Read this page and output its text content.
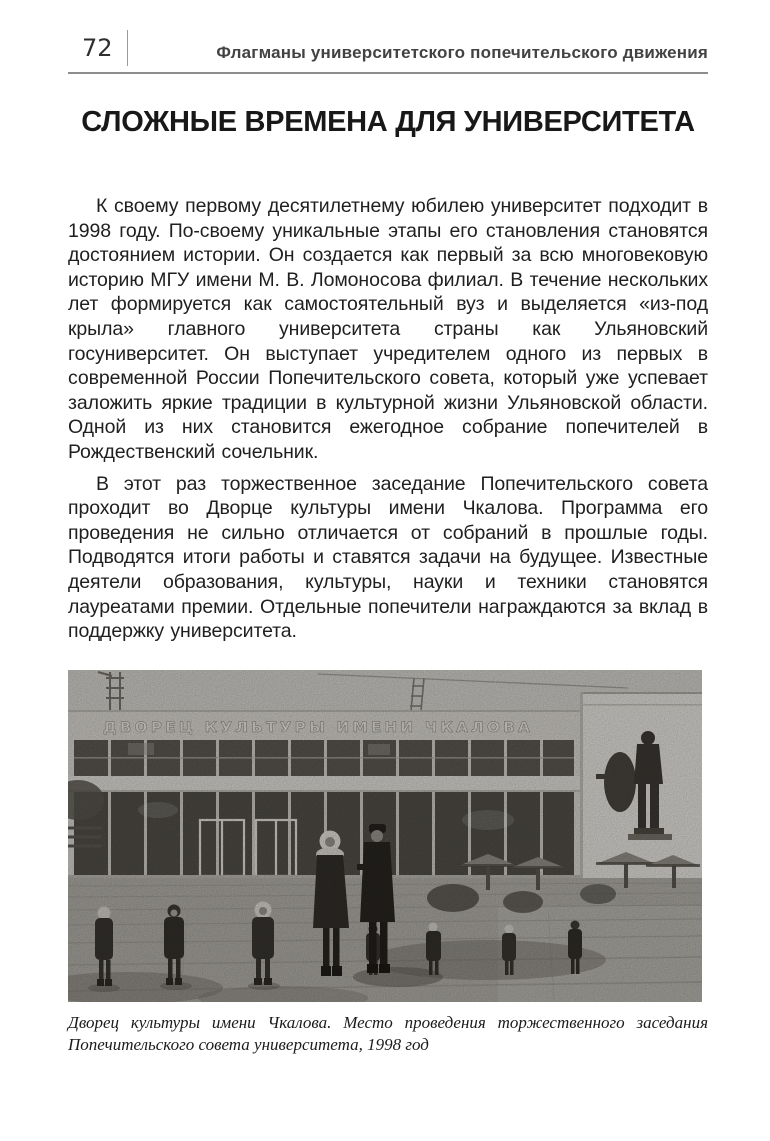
72	Флагманы университетского попечительского движения
СЛОЖНЫЕ ВРЕМЕНА ДЛЯ УНИВЕРСИТЕТА

К своему первому десятилетнему юбилею университет подходит в 1998 году. По-своему уникальные этапы его становления становятся достоянием истории. Он создается как первый за всю многовековую историю МГУ имени М. В. Ломоносова филиал. В течение нескольких лет формируется как самостоятельный вуз и выделяется «из-под крыла» главного университета страны как Ульяновский госуниверситет. Он выступает учредителем одного из первых в современной России Попечительского совета, который уже успевает заложить яркие традиции в культурной жизни Ульяновской области. Одной из них становится ежегодное собрание попечителей в Рождественский сочельник.

В этот раз торжественное заседание Попечительского совета проходит во Дворце культуры имени Чкалова. Программа его проведения не сильно отличается от собраний в прошлые годы. Подводятся итоги работы и ставятся задачи на будущее. Известные деятели образования, культуры, науки и техники становятся лауреатами премии. Отдельные попечители награждаются за вклад в поддержку университета.

Дворец культуры имени Чкалова. Место проведения торжественного заседания Попечительского совета университета, 1998 год
